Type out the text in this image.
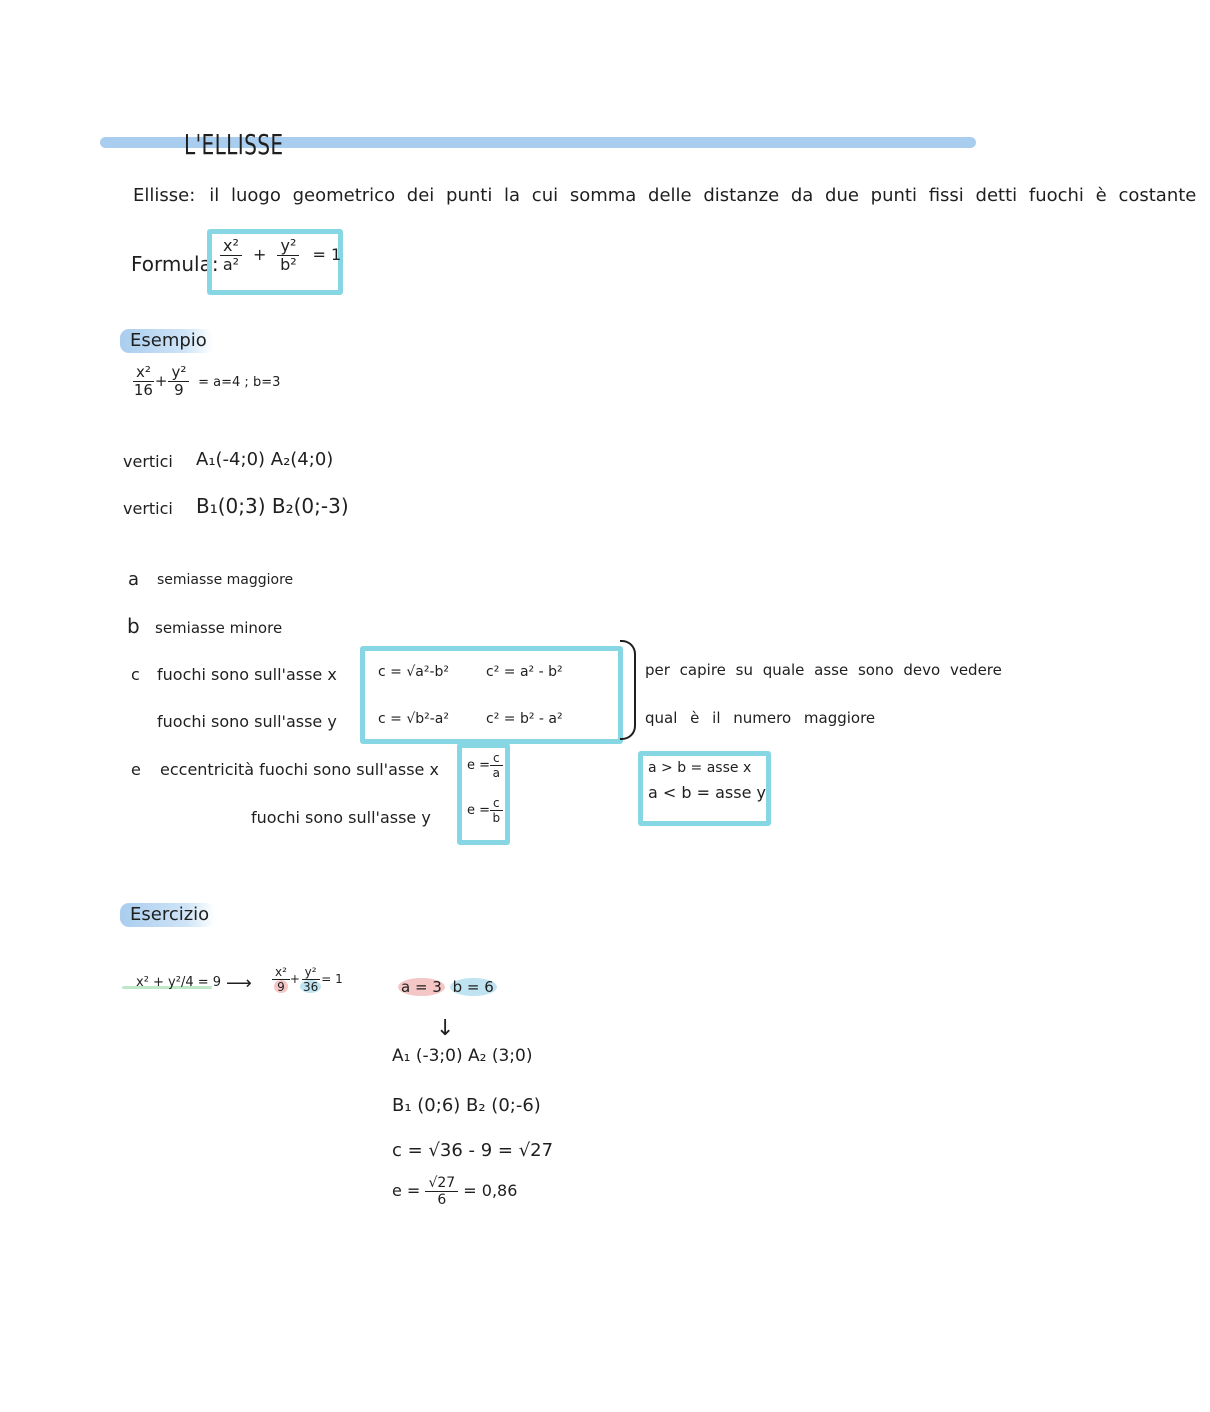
L'ELLISSE
Ellisse: il luogo geometrico dei punti la cui somma delle distanze da due punti fissi detti fuochi è costante
Formula: $\frac{\text{x²}}{\text{a²}} + \frac{\text{y²}}{\text{b²}} = 1$
Esempio
$\frac{\text{x²}}{16} + \frac{\text{y²}}{9} = a=4$ ; b=3
vertici A₁(-4;0) A₂(4;0)
vertici B₁(0;3) B₂(0;-3)
a semiasse maggiore
b semiasse minore
c fuochi sono sull'asse x
fuochi sono sull'asse y
c = √a²-b²	c² = a² - b²
c = √b²-a²	c² = b² - a²
e eccentricità fuochi sono sull'asse x
fuochi sono sull'asse y
$e = \frac{c}{a}$
$e = \frac{c}{b}$
per capire su quale asse sono devo vedere
qual è il numero maggiore
a > b = asse x
a < b = asse y
Esercizio
x² + y²/4 = 9 ⟶ $\frac{\text{x²}}{9} + \frac{\text{y²}}{36} = 1$	a = 3 b = 6
↓
A₁ (-3;0) A₂ (3;0)
B₁ (0;6) B₂ (0;-6)
c = √36 - 9 = √27
$e = \frac{√27}{6} = 0,86$
